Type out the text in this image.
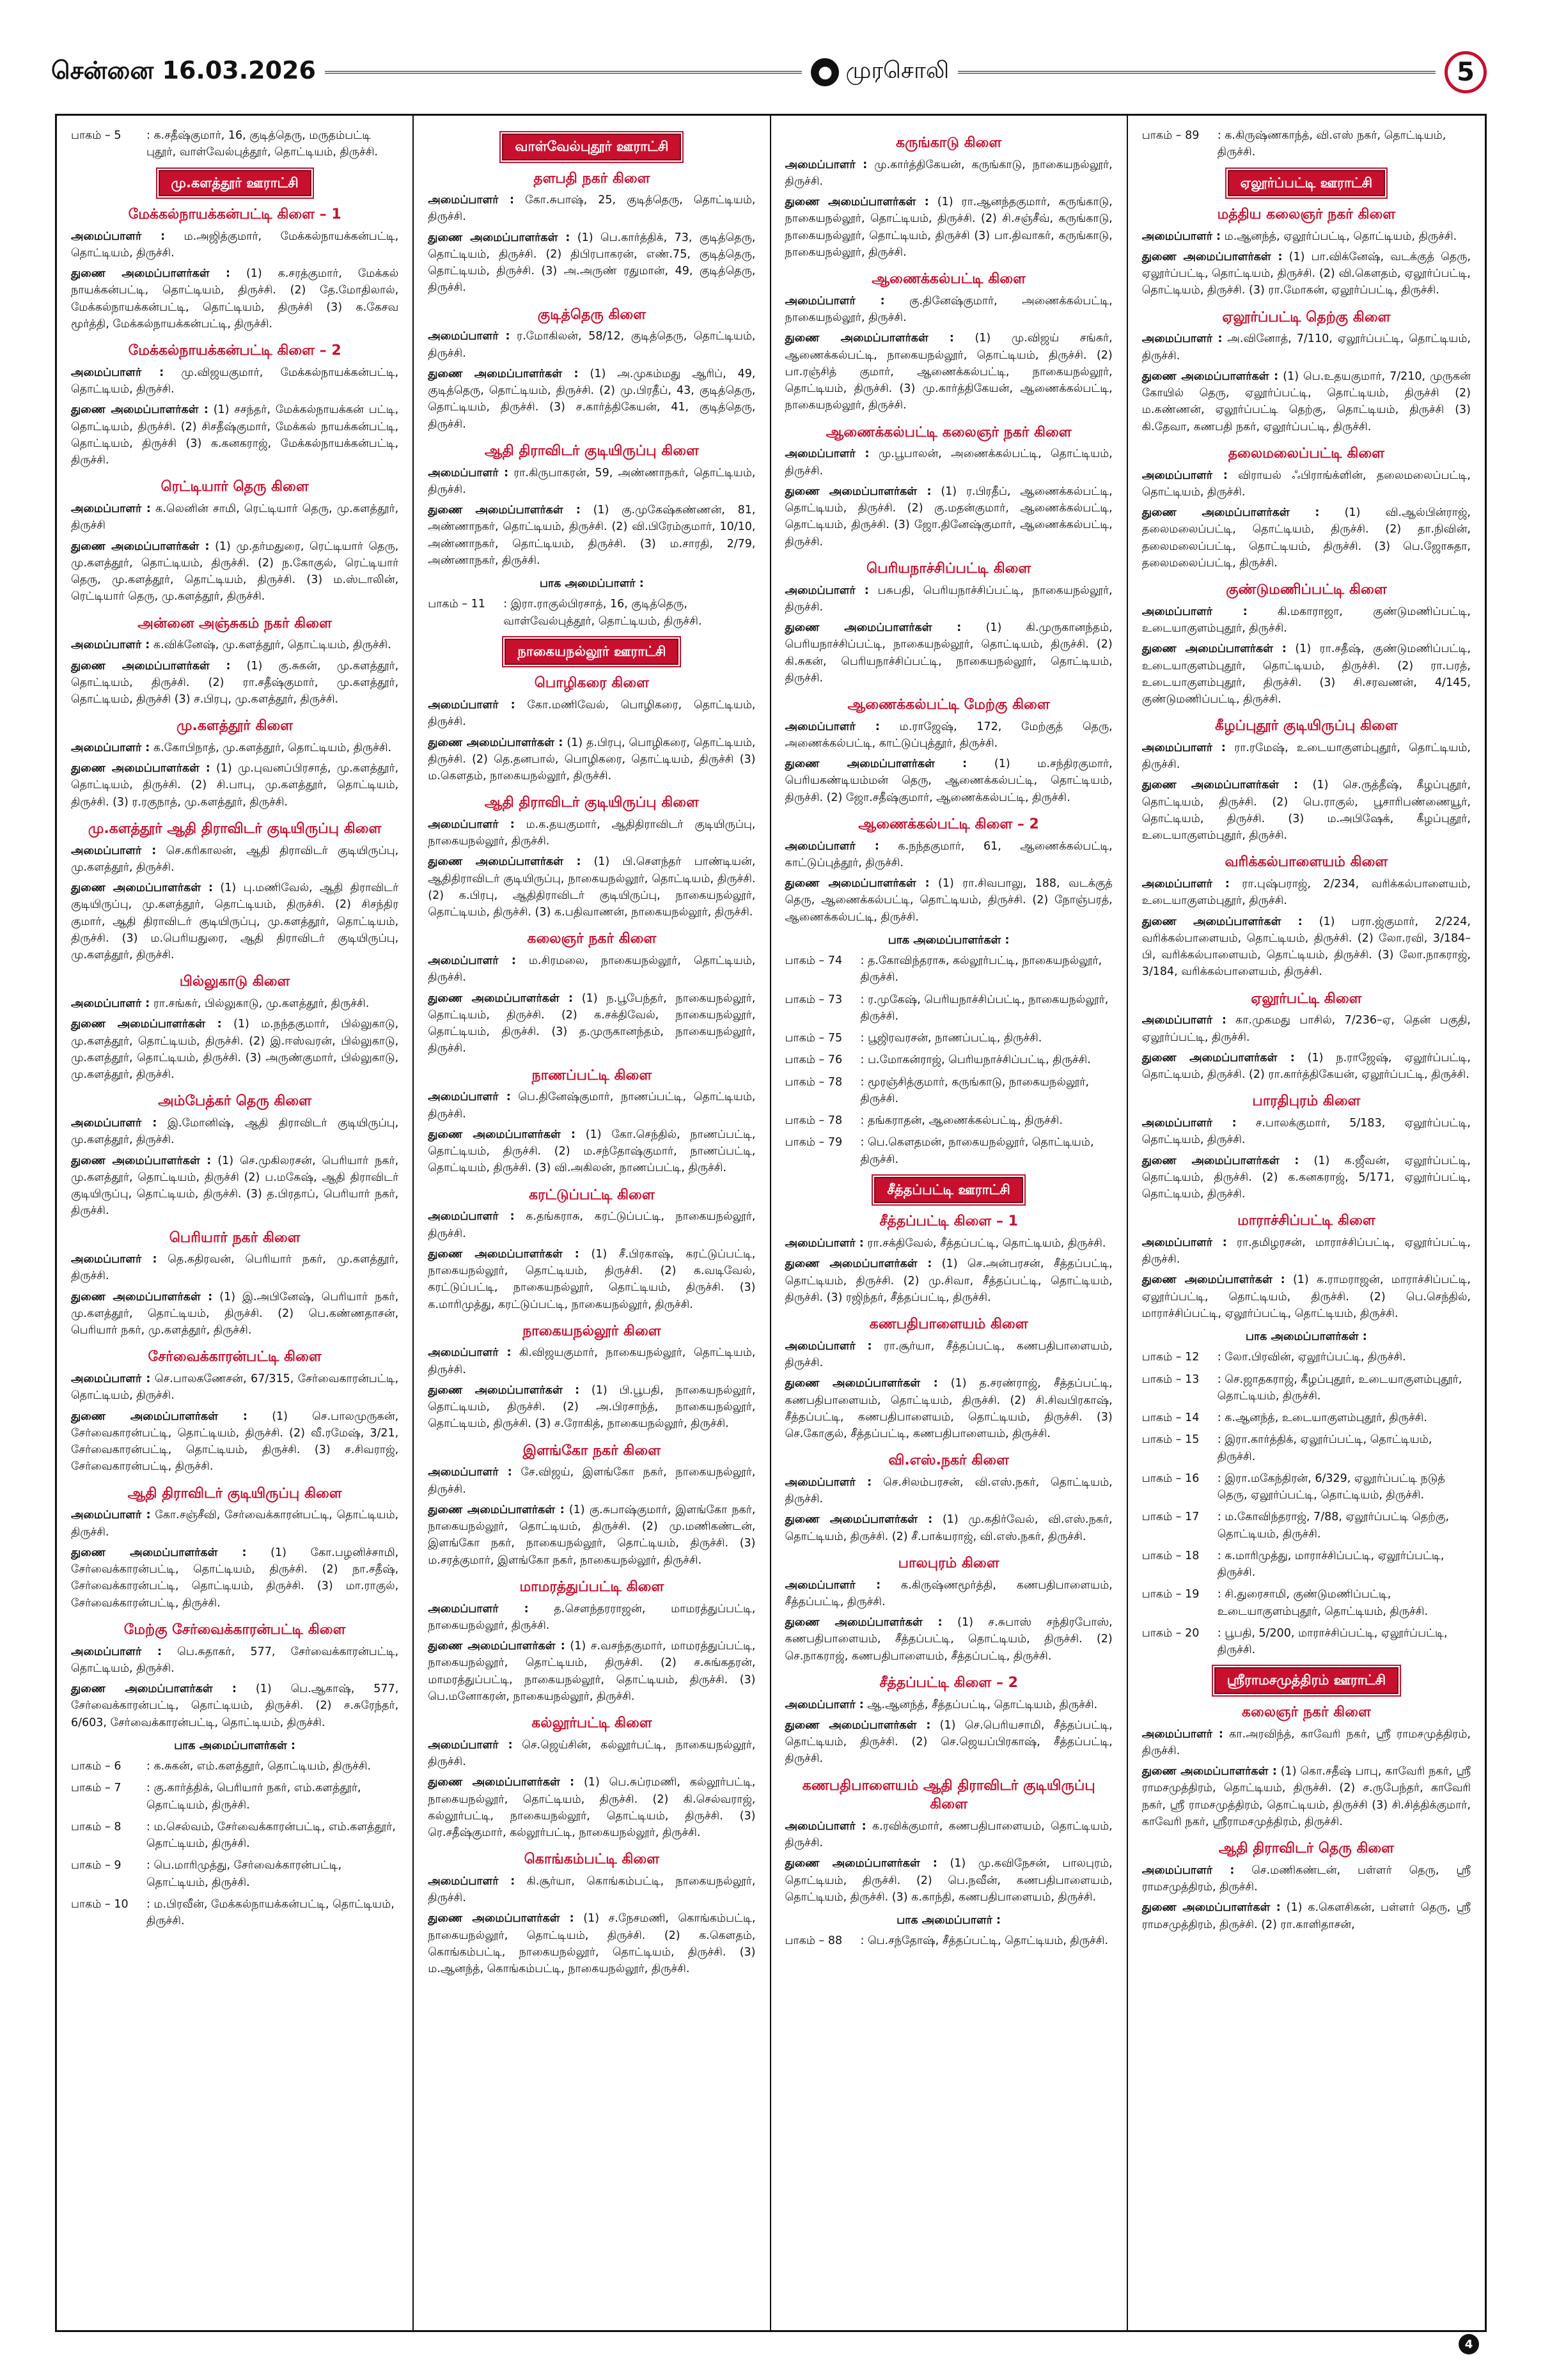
சென்னை 16.03.2026	● முரசொலி	5
பாகம் – 5	: க.சதீஷ்குமார், 16, குடித்தெரு, மருதம்பட்டி புதூர், வாள்வேல்புத்தூர், தொட்டியம், திருச்சி.
மு.களத்தூர் ஊராட்சி
மேக்கல்நாயக்கன்பட்டி கிளை – 1
அமைப்பாளர் : ம.அஜித்குமார், மேக்கல்நாயக்கன்பட்டி, தொட்டியம், திருச்சி.
துணை அமைப்பாளர்கள் : (1) க.சரத்குமார், மேக்கல் நாயக்கன்பட்டி, தொட்டியம், திருச்சி. (2) தே.மோதிலால், மேக்கல்நாயக்கன்பட்டி, தொட்டியம், திருச்சி (3) க.கேசவ மூர்த்தி, மேக்கல்நாயக்கன்பட்டி, திருச்சி.
மேக்கல்நாயக்கன்பட்டி கிளை – 2
அமைப்பாளர் : மு.விஜயகுமார், மேக்கல்நாயக்கன்பட்டி, தொட்டியம், திருச்சி.
துணை அமைப்பாளர்கள் : (1) சசந்தர், மேக்கல்நாயக்கன் பட்டி, தொட்டியம், திருச்சி. (2) சிசதீஷ்குமார், மேக்கல் நாயக்கன்பட்டி, தொட்டியம், திருச்சி (3) க.கனகராஜ், மேக்கல்நாயக்கன்பட்டி, திருச்சி.
ரெட்டியார் தெரு கிளை
அமைப்பாளர் : க.லெனின் சாமி, ரெட்டியார் தெரு, மு.களத்தூர், திருச்சி
துணை அமைப்பாளர்கள் : (1) மு.தர்மதுரை, ரெட்டியார் தெரு, மு.களத்தூர், தொட்டியம், திருச்சி. (2) ந.கோகுல், ரெட்டியார் தெரு, மு.களத்தூர், தொட்டியம், திருச்சி. (3) ம.ஸ்டாலின், ரெட்டியார் தெரு, மு.களத்தூர், திருச்சி.
அன்னை அஞ்சுகம் நகர் கிளை
அமைப்பாளர் : க.விக்னேஷ், மு.களத்தூர், தொட்டியம், திருச்சி.
துணை அமைப்பாளர்கள் : (1) கு.சுகன், மு.களத்தூர், தொட்டியம், திருச்சி. (2) ரா.சதீஷ்குமார், மு.களத்தூர், தொட்டியம், திருச்சி (3) ச.பிரபு, மு.களத்தூர், திருச்சி.
மு.களத்தூர் கிளை
அமைப்பாளர் : க.கோபிநாத், மு.களத்தூர், தொட்டியம், திருச்சி.
துணை அமைப்பாளர்கள் : (1) மு.புவனப்பிரசாத், மு.களத்தூர், தொட்டியம், திருச்சி. (2) சி.பாபு, மு.களத்தூர், தொட்டியம், திருச்சி. (3) ர.ரகுநாத், மு.களத்தூர், திருச்சி.
மு.களத்தூர் ஆதி திராவிடர் குடியிருப்பு கிளை
அமைப்பாளர் : செ.கரிகாலன், ஆதி திராவிடர் குடியிருப்பு, மு.களத்தூர், திருச்சி.
துணை அமைப்பாளர்கள் : (1) பு.மணிவேல், ஆதி திராவிடர் குடியிருப்பு, மு.களத்தூர், தொட்டியம், திருச்சி. (2) சிசந்திர குமார், ஆதி திராவிடர் குடியிருப்பு, மு.களத்தூர், தொட்டியம், திருச்சி. (3) ம.பெரியதுரை, ஆதி திராவிடர் குடியிருப்பு, மு.களத்தூர், திருச்சி.
பில்லுகாடு கிளை
அமைப்பாளர் : ரா.சங்கர், பில்லுகாடு, மு.களத்தூர், திருச்சி.
துணை அமைப்பாளர்கள் : (1) ம.நந்தகுமார், பில்லுகாடு, மு.களத்தூர், தொட்டியம், திருச்சி. (2) இ.ஈஸ்வரன், பில்லுகாடு, மு.களத்தூர், தொட்டியம், திருச்சி. (3) அருண்குமார், பில்லுகாடு, மு.களத்தூர், திருச்சி.
அம்பேத்கர் தெரு கிளை
அமைப்பாளர் : இ.மோனிஷ், ஆதி திராவிடர் குடியிருப்பு, மு.களத்தூர், திருச்சி.
துணை அமைப்பாளர்கள் : (1) செ.முகிலரசன், பெரியார் நகர், மு.களத்தூர், தொட்டியம், திருச்சி (2) ப.மகேஷ், ஆதி திராவிடர் குடியிருப்பு, தொட்டியம், திருச்சி. (3) த.பிரதாப், பெரியார் நகர், திருச்சி.
பெரியார் நகர் கிளை
அமைப்பாளர் : தெ.கதிரவன், பெரியார் நகர், மு.களத்தூர், திருச்சி.
துணை அமைப்பாளர்கள் : (1) இ.அபினேஷ், பெரியார் நகர், மு.களத்தூர், தொட்டியம், திருச்சி. (2) பெ.கண்ணதாசன், பெரியார் நகர், மு.களத்தூர், திருச்சி.
சேர்வைக்காரன்பட்டி கிளை
அமைப்பாளர் : செ.பாலகணேசன், 67/315, சேர்வைகாரன்பட்டி, தொட்டியம், திருச்சி.
துணை அமைப்பாளர்கள் : (1) செ.பாலமுருகன், சேர்வைகாரன்பட்டி, தொட்டியம், திருச்சி. (2) வீ.ரமேஷ், 3/21, சேர்வைகாரன்பட்டி, தொட்டியம், திருச்சி. (3) ச.சிவராஜ், சேர்வைகாரன்பட்டி, திருச்சி.
ஆதி திராவிடர் குடியிருப்பு கிளை
அமைப்பாளர் : கோ.சஞ்சீவி, சேர்வைக்காரன்பட்டி, தொட்டியம், திருச்சி.
துணை அமைப்பாளர்கள் : (1) கோ.பழனிச்சாமி, சேர்வைக்காரன்பட்டி, தொட்டியம், திருச்சி. (2) நா.சதீஷ், சேர்வைக்காரன்பட்டி, தொட்டியம், திருச்சி. (3) மா.ராகுல், சேர்வைக்காரன்பட்டி, திருச்சி.
மேற்கு சேர்வைக்காரன்பட்டி கிளை
அமைப்பாளர் : பெ.சுதாகர், 577, சேர்வைக்காரன்பட்டி, தொட்டியம், திருச்சி.
துணை அமைப்பாளர்கள் : (1) பெ.ஆகாஷ், 577, சேர்வைக்காரன்பட்டி, தொட்டியம், திருச்சி. (2) ச.சுரேந்தர், 6/603, சேர்வைக்காரன்பட்டி, தொட்டியம், திருச்சி.
பாக அமைப்பாளர்கள் :
பாகம் – 6	: க.சுகன், எம்.களத்தூர், தொட்டியம், திருச்சி.
பாகம் – 7	: கு.கார்த்திக், பெரியார் நகர், எம்.களத்தூர், தொட்டியம், திருச்சி.
பாகம் – 8	: ம.செல்வம், சேர்வைக்காரன்பட்டி, எம்.களத்தூர், தொட்டியம், திருச்சி.
பாகம் – 9	: பெ.மாரிமுத்து, சேர்வைக்காரன்பட்டி, தொட்டியம், திருச்சி.
பாகம் – 10	: ம.பிரவீன், மேக்கல்நாயக்கன்பட்டி, தொட்டியம், திருச்சி.
வாள்வேல்புதூர் ஊராட்சி
தளபதி நகர் கிளை
அமைப்பாளர் : கோ.சுபாஷ், 25, குடித்தெரு, தொட்டியம், திருச்சி.
துணை அமைப்பாளர்கள் : (1) பெ.கார்த்திக், 73, குடித்தெரு, தொட்டியம், திருச்சி. (2) திபிரபாகரன், எண்.75, குடித்தெரு, தொட்டியம், திருச்சி. (3) அ.அருண் ரதுமான், 49, குடித்தெரு, திருச்சி.
குடித்தெரு கிளை
அமைப்பாளர் : ர.மோகிலன், 58/12, குடித்தெரு, தொட்டியம், திருச்சி.
துணை அமைப்பாளர்கள் : (1) அ.முகம்மது ஆரிப், 49, குடித்தெரு, தொட்டியம், திருச்சி. (2) மு.பிரதீப், 43, குடித்தெரு, தொட்டியம், திருச்சி. (3) ச.கார்த்திகேயன், 41, குடித்தெரு, திருச்சி.
ஆதி திராவிடர் குடியிருப்பு கிளை
அமைப்பாளர் : ரா.கிருபாகரன், 59, அண்ணாநகர், தொட்டியம், திருச்சி.
துணை அமைப்பாளர்கள் : (1) கு.முகேஷ்கண்ணன், 81, அண்ணாநகர், தொட்டியம், திருச்சி. (2) வி.பிரேம்குமார், 10/10, அண்ணாநகர், தொட்டியம், திருச்சி. (3) ம.சாரதி, 2/79, அண்ணாநகர், திருச்சி.
பாக அமைப்பாளர் :
பாகம் – 11	: இரா.ராகுல்பிரசாத், 16, குடித்தெரு, வாள்வேல்புத்தூர், தொட்டியம், திருச்சி.
நாகையநல்லூர் ஊராட்சி
பொழிகரை கிளை
அமைப்பாளர் : கோ.மணிவேல், பொழிகரை, தொட்டியம், திருச்சி.
துணை அமைப்பாளர்கள் : (1) த.பிரபு, பொழிகரை, தொட்டியம், திருச்சி. (2) தெ.தனபால், பொழிகரை, தொட்டியம், திருச்சி (3) ம.கௌதம், நாகையநல்லூர், திருச்சி.
ஆதி திராவிடர் குடியிருப்பு கிளை
அமைப்பாளர் : ம.க.தயகுமார், ஆதிதிராவிடர் குடியிருப்பு, நாகையநல்லூர், திருச்சி.
துணை அமைப்பாளர்கள் : (1) பி.செளந்தர் பாண்டியன், ஆதிதிராவிடர் குடியிருப்பு, நாகையநல்லூர், தொட்டியம், திருச்சி. (2) க.பிரபு, ஆதிதிராவிடர் குடியிருப்பு, நாகையநல்லூர், தொட்டியம், திருச்சி. (3) க.பதிவாணன், நாகையநல்லூர், திருச்சி.
கலைஞர் நகர் கிளை
அமைப்பாளர் : ம.சிரமலை, நாகையநல்லூர், தொட்டியம், திருச்சி.
துணை அமைப்பாளர்கள் : (1) ந.பூபேந்தர், நாகையநல்லூர், தொட்டியம், திருச்சி. (2) க.சக்திவேல், நாகையநல்லூர், தொட்டியம், திருச்சி. (3) த.முருகானந்தம், நாகையநல்லூர், திருச்சி.
நாணப்பட்டி கிளை
அமைப்பாளர் : பெ.தினேஷ்குமார், நாணப்பட்டி, தொட்டியம், திருச்சி.
துணை அமைப்பாளர்கள் : (1) கோ.செந்தில், நாணப்பட்டி, தொட்டியம், திருச்சி. (2) ம.சந்தோஷ்குமார், நாணப்பட்டி, தொட்டியம், திருச்சி. (3) வி.அகிலன், நாணப்பட்டி, திருச்சி.
கரட்டுப்பட்டி கிளை
அமைப்பாளர் : க.தங்கராசு, கரட்டுப்பட்டி, நாகையநல்லூர், திருச்சி.
துணை அமைப்பாளர்கள் : (1) சீ.பிரகாஷ், கரட்டுப்பட்டி, நாகையநல்லூர், தொட்டியம், திருச்சி. (2) க.வடிவேல், கரட்டுப்பட்டி, நாகையநல்லூர், தொட்டியம், திருச்சி. (3) க.மாரிமுத்து, கரட்டுப்பட்டி, நாகையநல்லூர், திருச்சி.
நாகையநல்லூர் கிளை
அமைப்பாளர் : கி.விஜயகுமார், நாகையநல்லூர், தொட்டியம், திருச்சி.
துணை அமைப்பாளர்கள் : (1) பி.பூபதி, நாகையநல்லூர், தொட்டியம், திருச்சி. (2) அ.பிரசாந்த், நாகையநல்லூர், தொட்டியம், திருச்சி. (3) ச.ரோகித், நாகையநல்லூர், திருச்சி.
இளங்கோ நகர் கிளை
அமைப்பாளர் : சே.விஜய், இளங்கோ நகர், நாகையநல்லூர், திருச்சி.
துணை அமைப்பாளர்கள் : (1) கு.சுபாஷ்குமார், இளங்கோ நகர், நாகையநல்லூர், தொட்டியம், திருச்சி. (2) மு.மணிகண்டன், இளங்கோ நகர், நாகையநல்லூர், தொட்டியம், திருச்சி. (3) ம.சரத்குமார், இளங்கோ நகர், நாகையநல்லூர், திருச்சி.
மாமரத்துப்பட்டி கிளை
அமைப்பாளர் : த.செளந்தரராஜன், மாமரத்துப்பட்டி, நாகையநல்லூர், திருச்சி.
துணை அமைப்பாளர்கள் : (1) ச.வசந்தகுமார், மாமரத்துப்பட்டி, நாகையநல்லூர், தொட்டியம், திருச்சி. (2) ச.சுங்கதரன், மாமரத்துப்பட்டி, நாகையநல்லூர், தொட்டியம், திருச்சி. (3) பெ.மனோகரன், நாகையநல்லூர், திருச்சி.
கல்லூர்பட்டி கிளை
அமைப்பாளர் : செ.ஜெய்சின், கல்லூர்பட்டி, நாகையநல்லூர், திருச்சி.
துணை அமைப்பாளர்கள் : (1) பெ.சுப்ரமணி, கல்லூர்பட்டி, நாகையநல்லூர், தொட்டியம், திருச்சி. (2) கி.செல்வராஜ், கல்லூர்பட்டி, நாகையநல்லூர், தொட்டியம், திருச்சி. (3) ரெ.சதீஷ்குமார், கல்லூர்பட்டி, நாகையநல்லூர், திருச்சி.
கொங்கம்பட்டி கிளை
அமைப்பாளர் : கி.சூர்யா, கொங்கம்பட்டி, நாகையநல்லூர், திருச்சி.
துணை அமைப்பாளர்கள் : (1) ச.நேசமணி, கொங்கம்பட்டி, நாகையநல்லூர், தொட்டியம், திருச்சி. (2) க.கௌதம், கொங்கம்பட்டி, நாகையநல்லூர், தொட்டியம், திருச்சி. (3) ம.ஆனந்த், கொங்கம்பட்டி, நாகையநல்லூர், திருச்சி.
கருங்காடு கிளை
அமைப்பாளர் : மு.கார்த்திகேயன், கருங்காடு, நாகையநல்லூர், திருச்சி.
துணை அமைப்பாளர்கள் : (1) ரா.ஆனந்தகுமார், கருங்காடு, நாகையநல்லூர், தொட்டியம், திருச்சி. (2) சி.சஞ்சீவ், கருங்காடு, நாகையநல்லூர், தொட்டியம், திருச்சி (3) பா.திவாகர், கருங்காடு, நாகையநல்லூர், திருச்சி.
ஆணைக்கல்பட்டி கிளை
அமைப்பாளர் : கு.தினேஷ்குமார், அணைக்கல்பட்டி, நாகையநல்லூர், திருச்சி.
துணை அமைப்பாளர்கள் : (1) மு.விஜய் சங்கர், ஆணைக்கல்பட்டி, நாகையநல்லூர், தொட்டியம், திருச்சி. (2) பா.ரஞ்சித் குமார், ஆணைக்கல்பட்டி, நாகையநல்லூர், தொட்டியம், திருச்சி. (3) மு.கார்த்திகேயன், ஆணைக்கல்பட்டி, நாகையநல்லூர், திருச்சி.
ஆணைக்கல்பட்டி கலைஞர் நகர் கிளை
அமைப்பாளர் : மு.பூபாலன், அணைக்கல்பட்டி, தொட்டியம், திருச்சி.
துணை அமைப்பாளர்கள் : (1) ர.பிரதீப், ஆணைக்கல்பட்டி, தொட்டியம், திருச்சி. (2) கு.மதன்குமார், ஆணைக்கல்பட்டி, தொட்டியம், திருச்சி. (3) ஜோ.தினேஷ்குமார், ஆணைக்கல்பட்டி, திருச்சி.
பெரியநாச்சிப்பட்டி கிளை
அமைப்பாளர் : பசுபதி, பெரியநாச்சிப்பட்டி, நாகையநல்லூர், திருச்சி.
துணை அமைப்பாளர்கள் : (1) கி.முருகானந்தம், பெரியநாச்சிப்பட்டி, நாகையநல்லூர், தொட்டியம், திருச்சி. (2) கி.சுகன், பெரியநாச்சிப்பட்டி, நாகையநல்லூர், தொட்டியம், திருச்சி.
ஆணைக்கல்பட்டி மேற்கு கிளை
அமைப்பாளர் : ம.ராஜேஷ், 172, மேற்குத் தெரு, அணைக்கல்பட்டி, காட்டுப்புத்தூர், திருச்சி.
துணை அமைப்பாளர்கள் : (1) ம.சந்திரகுமார், பெரியகண்டியம்மன் தெரு, ஆணைக்கல்பட்டி, தொட்டியம், திருச்சி. (2) ஜோ.சதீஷ்குமார், ஆணைக்கல்பட்டி, திருச்சி.
ஆணைக்கல்பட்டி கிளை – 2
அமைப்பாளர் : க.நந்தகுமார், 61, ஆணைக்கல்பட்டி, காட்டுப்புத்தூர், திருச்சி.
துணை அமைப்பாளர்கள் : (1) ரா.சிவபாலு, 188, வடக்குத் தெரு, ஆணைக்கல்பட்டி, தொட்டியம், திருச்சி. (2) நோஞ்பரத், ஆணைக்கல்பட்டி, திருச்சி.
பாக அமைப்பாளர்கள் :
பாகம் – 74	: த.கோவிந்தராசு, கல்லூர்பட்டி, நாகையநல்லூர், திருச்சி.
பாகம் – 73	: ர.முகேஷ், பெரியநாச்சிப்பட்டி, நாகையநல்லூர், திருச்சி.
பாகம் – 75	: பூஜிரவரசன், நாணப்பட்டி, திருச்சி.
பாகம் – 76	: ப.மோகன்ராஜ், பெரியநாச்சிப்பட்டி, திருச்சி.
பாகம் – 78	: மூரஞ்சித்குமார், கருங்காடு, நாகையநல்லூர், திருச்சி.
பாகம் – 78	: தங்கராதன், ஆணைக்கல்பட்டி, திருச்சி.
பாகம் – 79	: பெ.கௌதமன், நாகையநல்லூர், தொட்டியம், திருச்சி.
சீத்தப்பட்டி ஊராட்சி
சீத்தப்பட்டி கிளை – 1
அமைப்பாளர் : ரா.சக்திவேல், சீத்தப்பட்டி, தொட்டியம், திருச்சி.
துணை அமைப்பாளர்கள் : (1) செ.அன்பரசன், சீத்தப்பட்டி, தொட்டியம், திருச்சி. (2) மு.சிவா, சீத்தப்பட்டி, தொட்டியம், திருச்சி. (3) ரஜிந்தர், சீத்தப்பட்டி, திருச்சி.
கணபதிபாளையம் கிளை
அமைப்பாளர் : ரா.சூர்யா, சீத்தப்பட்டி, கணபதிபாளையம், திருச்சி.
துணை அமைப்பாளர்கள் : (1) த.சரண்ராஜ், சீத்தப்பட்டி, கணபதிபாளையம், தொட்டியம், திருச்சி. (2) சி.சிவபிரகாஷ், சீத்தப்பட்டி, கணபதிபாளையம், தொட்டியம், திருச்சி. (3) செ.கோகுல், சீத்தப்பட்டி, கணபதிபாளையம், திருச்சி.
வி.எஸ்.நகர் கிளை
அமைப்பாளர் : செ.சிலம்பரசன், வி.எஸ்.நகர், தொட்டியம், திருச்சி.
துணை அமைப்பாளர்கள் : (1) மு.கதிர்வேல், வி.எஸ்.நகர், தொட்டியம், திருச்சி. (2) சீ.பாக்யராஜ், வி.எஸ்.நகர், திருச்சி.
பாலபுரம் கிளை
அமைப்பாளர் : க.கிருஷ்ணமூர்த்தி, கணபதிபாளையம், சீத்தப்பட்டி, திருச்சி.
துணை அமைப்பாளர்கள் : (1) ச.சுபாஸ் சந்திரபோஸ், கணபதிபாளையம், சீத்தப்பட்டி, தொட்டியம், திருச்சி. (2) செ.நாகராஜ், கணபதிபாளையம், சீத்தப்பட்டி, திருச்சி.
சீத்தப்பட்டி கிளை – 2
அமைப்பாளர் : ஆ.ஆனந்த், சீத்தப்பட்டி, தொட்டியம், திருச்சி.
துணை அமைப்பாளர்கள் : (1) செ.பெரியசாமி, சீத்தப்பட்டி, தொட்டியம், திருச்சி. (2) செ.ஜெயப்பிரகாஷ், சீத்தப்பட்டி, திருச்சி.
கணபதிபாளையம் ஆதி திராவிடர் குடியிருப்பு கிளை
அமைப்பாளர் : க.ரவிக்குமார், கணபதிபாளையம், தொட்டியம், திருச்சி.
துணை அமைப்பாளர்கள் : (1) மு.கவிநேசன், பாலபுரம், தொட்டியம், திருச்சி. (2) பெ.நவீன், கணபதிபாளையம், தொட்டியம், திருச்சி. (3) க.காந்தி, கணபதிபாளையம், திருச்சி.
பாக அமைப்பாளர் :
பாகம் – 88	: பெ.சந்தோஷ், சீத்தப்பட்டி, தொட்டியம், திருச்சி.
பாகம் – 89	: க.கிருஷ்ணகாந்த், வி.எஸ் நகர், தொட்டியம், திருச்சி.
ஏலூர்ப்பட்டி ஊராட்சி
மத்திய கலைஞர் நகர் கிளை
அமைப்பாளர் : ம.ஆனந்த், ஏலூர்ப்பட்டி, தொட்டியம், திருச்சி.
துணை அமைப்பாளர்கள் : (1) பா.விக்னேஷ், வடக்குத் தெரு, ஏலூர்ப்பட்டி, தொட்டியம், திருச்சி. (2) வி.கௌதம், ஏலூர்ப்பட்டி, தொட்டியம், திருச்சி. (3) ரா.மோகன், ஏலூர்ப்பட்டி, திருச்சி.
ஏலூர்ப்பட்டி தெற்கு கிளை
அமைப்பாளர் : அ.வினோத், 7/110, ஏலூர்ப்பட்டி, தொட்டியம், திருச்சி.
துணை அமைப்பாளர்கள் : (1) பெ.உதயகுமார், 7/210, முருகன் கோயில் தெரு, ஏலூர்ப்பட்டி, தொட்டியம், திருச்சி (2) ம.கண்ணன், ஏலூர்ப்பட்டி தெற்கு, தொட்டியம், திருச்சி (3) கி.தேவா, கணபதி நகர், ஏலூர்ப்பட்டி, திருச்சி.
தலைமலைப்பட்டி கிளை
அமைப்பாளர் : விராயல் ஃபிராங்க்ளின், தலைமலைப்பட்டி, தொட்டியம், திருச்சி.
துணை அமைப்பாளர்கள் : (1) வி.ஆல்பின்ராஜ், தலைமலைப்பட்டி, தொட்டியம், திருச்சி. (2) தா.நிவின், தலைமலைப்பட்டி, தொட்டியம், திருச்சி. (3) பெ.ஜோசுதா, தலைமலைப்பட்டி, திருச்சி.
குண்டுமணிப்பட்டி கிளை
அமைப்பாளர் :	கி.மகாராஜா, குண்டுமணிப்பட்டி, உடையாகுளம்புதூர், திருச்சி.
துணை அமைப்பாளர்கள் : (1) ரா.சதீஷ், குண்டுமணிப்பட்டி, உடையாகுளம்புதூர், தொட்டியம், திருச்சி. (2) ரா.பரத், உடையாகுளம்புதூர், திருச்சி. (3) சி.சரவணன், 4/145, குண்டுமணிப்பட்டி, திருச்சி.
கீழப்புதூர் குடியிருப்பு கிளை
அமைப்பாளர் : ரா.ரமேஷ், உடையாகுளம்புதூர், தொட்டியம், திருச்சி.
துணை அமைப்பாளர்கள் : (1) செ.ருத்தீஷ், கீழப்புதூர், தொட்டியம், திருச்சி. (2) பெ.ராகுல், பூசாரிபண்ணையூர், தொட்டியம், திருச்சி. (3) ம.அபிஷேக், கீழப்புதூர், உடையாகுளம்புதூர், திருச்சி.
வரிக்கல்பாளையம் கிளை
அமைப்பாளர் : ரா.புஷ்பராஜ், 2/234, வரிக்கல்பாளையம், உடையாகுளம்புதூர், திருச்சி.
துணை அமைப்பாளர்கள் : (1) பரா.ஜ்குமார், 2/224, வரிக்கல்பாளையம், தொட்டியம், திருச்சி. (2) லோ.ரவி, 3/184–பி, வரிக்கல்பாளையம், தொட்டியம், திருச்சி. (3) லோ.நாகராஜ், 3/184, வரிக்கல்பாளையம், திருச்சி.
ஏலூர்பட்டி கிளை
அமைப்பாளர் : கா.முகமது பாசில், 7/236–ஏ, தென் பகுதி, ஏலூர்ப்பட்டி, திருச்சி.
துணை அமைப்பாளர்கள் : (1) ந.ராஜேஷ், ஏலூர்ப்பட்டி, தொட்டியம், திருச்சி. (2) ரா.கார்த்திகேயன், ஏலூர்ப்பட்டி, திருச்சி.
பாரதிபுரம் கிளை
அமைப்பாளர் : ச.பாலக்குமார், 5/183, ஏலூர்ப்பட்டி, தொட்டியம், திருச்சி.
துணை அமைப்பாளர்கள் : (1) க.ஜீவன், ஏலூர்ப்பட்டி, தொட்டியம், திருச்சி. (2) க.கனகராஜ், 5/171, ஏலூர்ப்பட்டி, தொட்டியம், திருச்சி.
மாராச்சிப்பட்டி கிளை
அமைப்பாளர் : ரா.தமிழரசன், மாராச்சிப்பட்டி, ஏலூர்ப்பட்டி, திருச்சி.
துணை அமைப்பாளர்கள் : (1) க.ராமராஜன், மாராச்சிப்பட்டி, ஏலூர்ப்பட்டி, தொட்டியம், திருச்சி. (2) பெ.செந்தில், மாராச்சிப்பட்டி, ஏலூர்ப்பட்டி, தொட்டியம், திருச்சி.
பாக அமைப்பாளர்கள் :
பாகம் – 12	: லோ.பிரவின், ஏலூர்ப்பட்டி, திருச்சி.
பாகம் – 13	: செ.ஜாதகராஜ், கீழப்புதூர், உடையாகுளம்புதூர், தொட்டியம், திருச்சி.
பாகம் – 14	: க.ஆனந்த், உடையாகுளம்புதூர், திருச்சி.
பாகம் – 15	: இரா.கார்த்திக், ஏலூர்ப்பட்டி, தொட்டியம், திருச்சி.
பாகம் – 16	: இரா.மகேந்திரன், 6/329, ஏலூர்ப்பட்டி நடுத் தெரு, ஏலூர்ப்பட்டி, தொட்டியம், திருச்சி.
பாகம் – 17	: ம.கோவிந்தராஜ், 7/88, ஏலூர்ப்பட்டி தெற்கு, தொட்டியம், திருச்சி.
பாகம் – 18	: க.மாரிமுத்து, மாராச்சிப்பட்டி, ஏலூர்ப்பட்டி, திருச்சி.
பாகம் – 19	: சி.துரைசாமி, குண்டுமணிப்பட்டி, உடையாகுளம்புதூர், தொட்டியம், திருச்சி.
பாகம் – 20	: பூபதி, 5/200, மாராச்சிப்பட்டி, ஏலூர்ப்பட்டி, திருச்சி.
ஸ்ரீராமசமுத்திரம் ஊராட்சி
கலைஞர் நகர் கிளை
அமைப்பாளர் : கா.அரவிந்த், காவேரி நகர், ஸ்ரீ ராமசமுத்திரம், திருச்சி.
துணை அமைப்பாளர்கள் : (1) கொ.சதீஷ் பாபு, காவேரி நகர், ஸ்ரீ ராமசமுத்திரம், தொட்டியம், திருச்சி. (2) ச.ருபேந்தர், காவேரி நகர், ஸ்ரீ ராமசமுத்திரம், தொட்டியம், திருச்சி (3) சி.சித்திக்குமார், காவேரி நகர், ஸ்ரீராமசமுத்திரம், திருச்சி.
ஆதி திராவிடர் தெரு கிளை
அமைப்பாளர் : செ.மணிகண்டன், பள்ளர் தெரு, ஸ்ரீ ராமசமுத்திரம், திருச்சி.
துணை அமைப்பாளர்கள் : (1) க.கௌசிகன், பள்ளர் தெரு, ஸ்ரீ ராமசமுத்திரம், திருச்சி. (2) ரா.காளிதாசன்,
4
